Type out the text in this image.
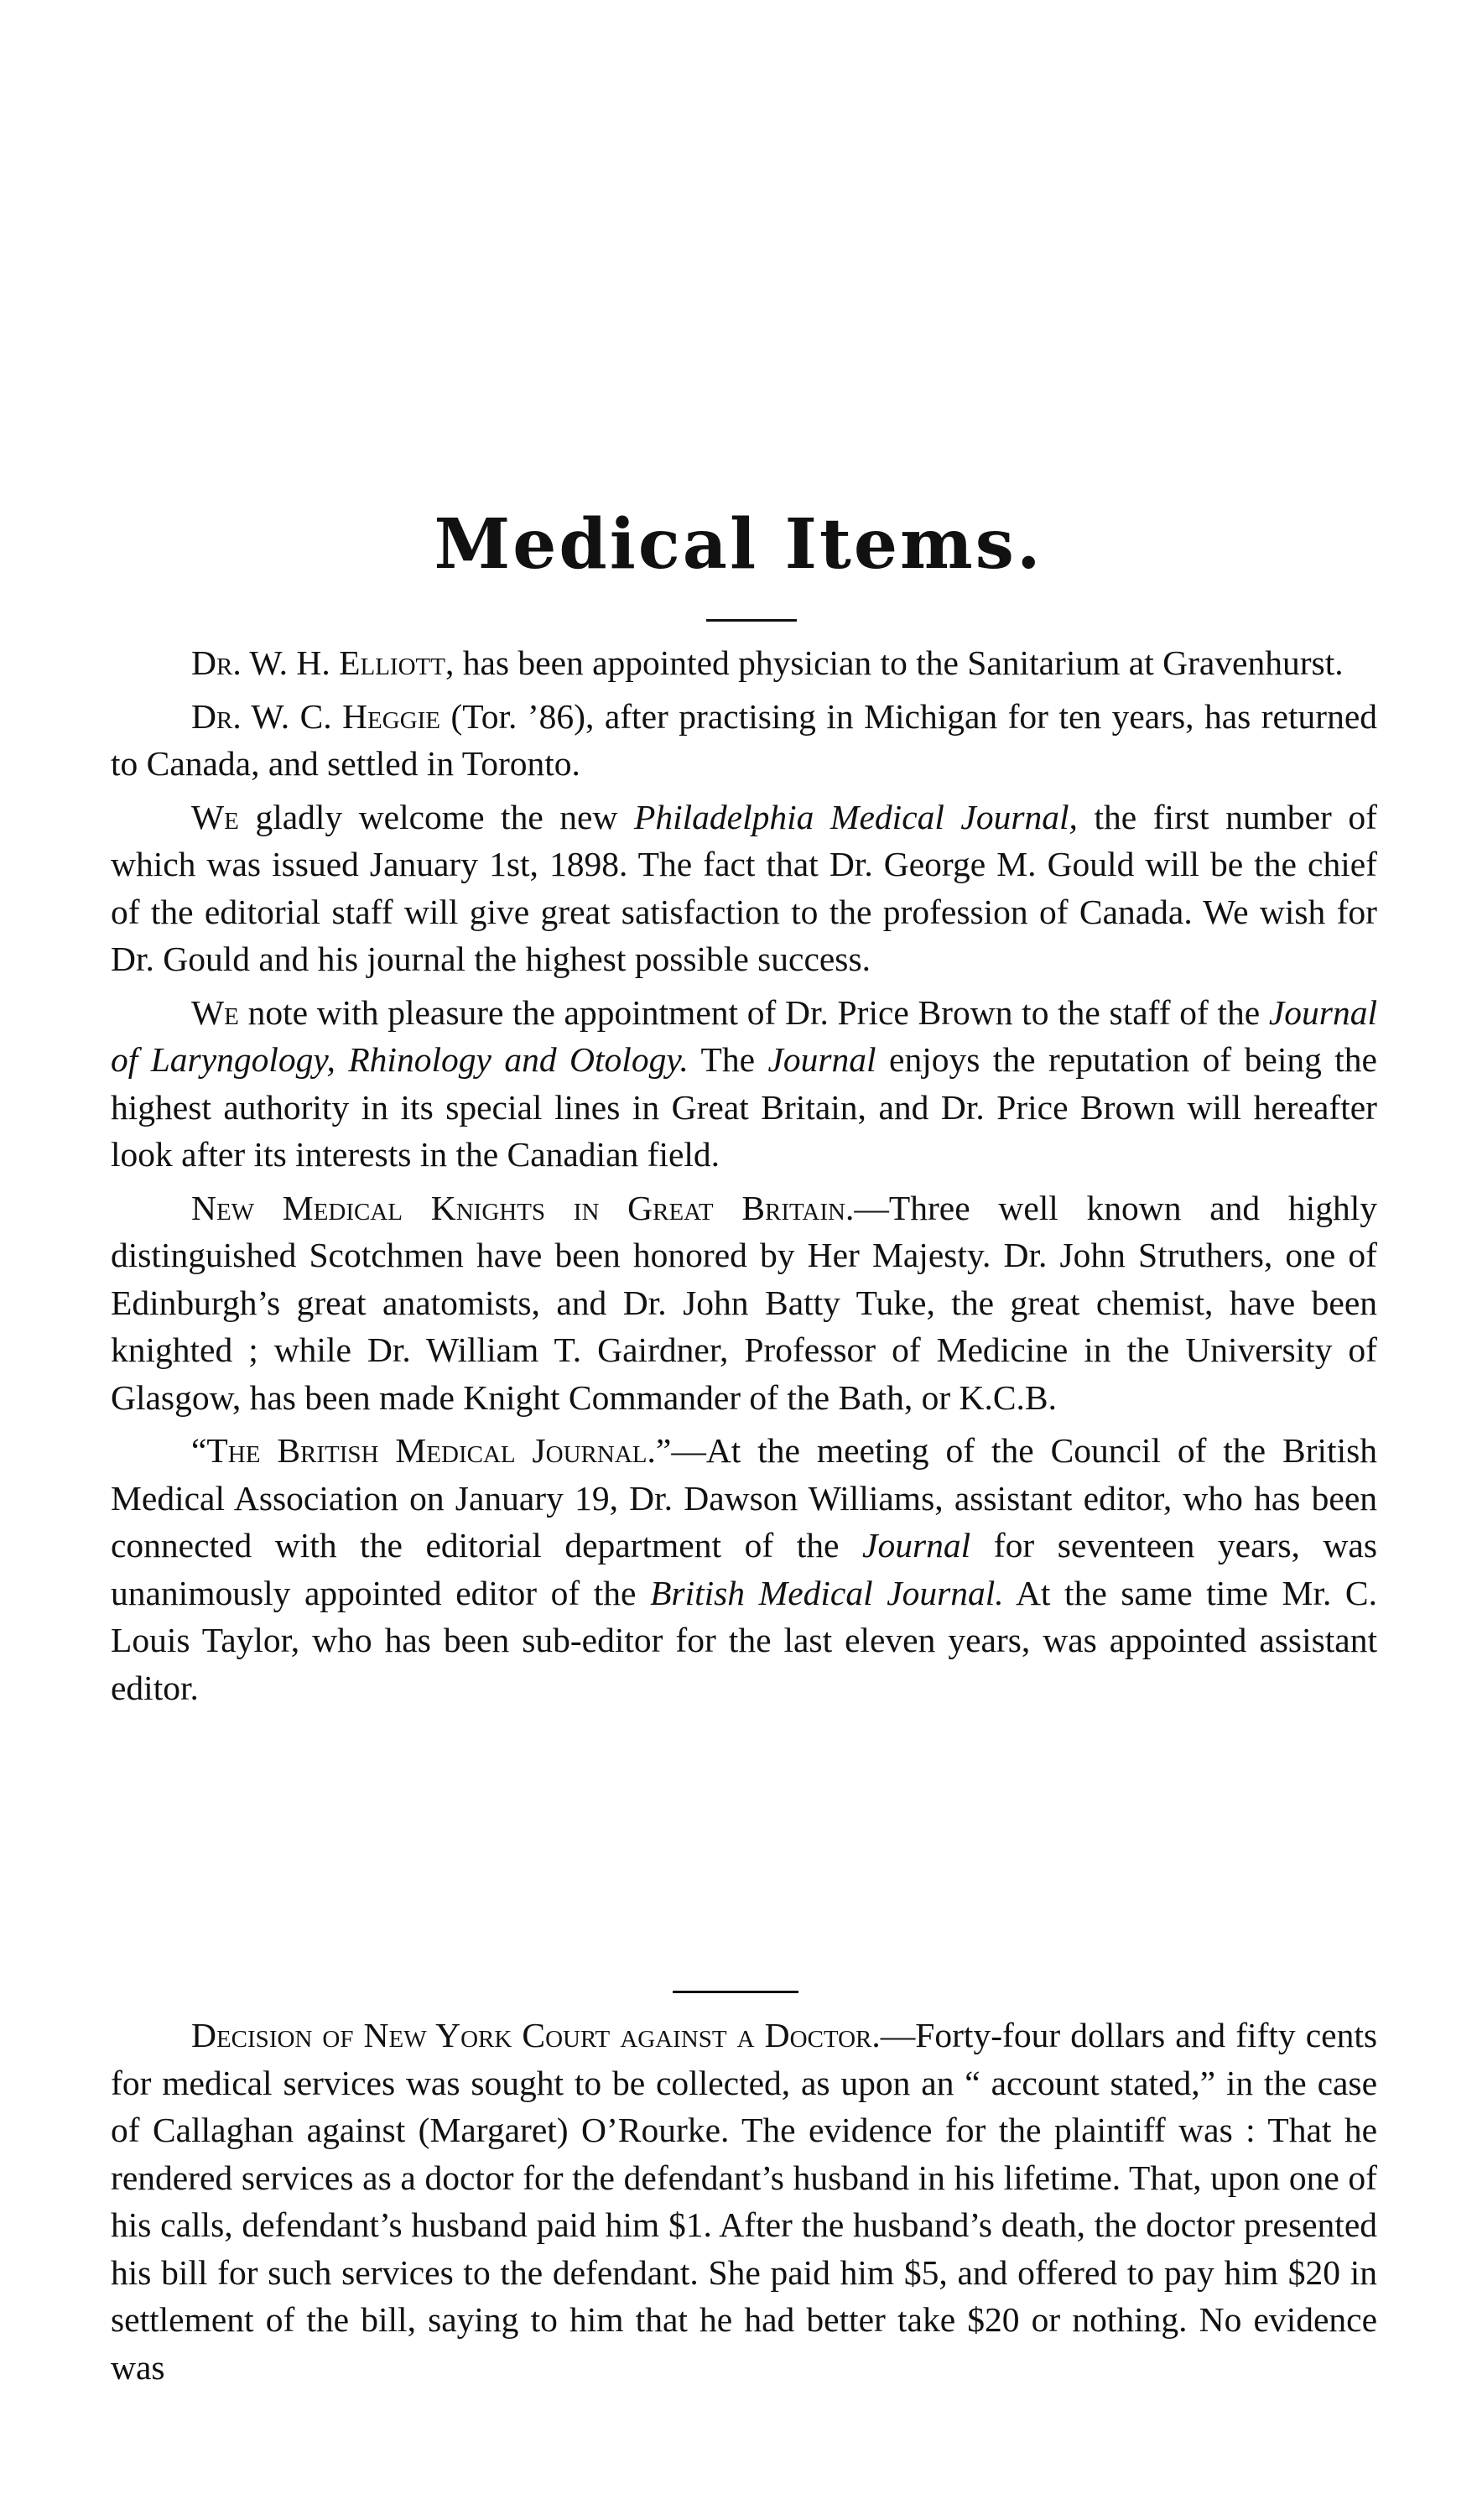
Medical Items.

Dr. W. H. Elliott, has been appointed physician to the Sanitarium at Gravenhurst.

Dr. W. C. Heggie (Tor. ’86), after practising in Michigan for ten years, has returned to Canada, and settled in Toronto.

We gladly welcome the new Philadelphia Medical Journal, the first number of which was issued January 1st, 1898. The fact that Dr. George M. Gould will be the chief of the editorial staff will give great satisfaction to the profession of Canada. We wish for Dr. Gould and his journal the highest possible success.

We note with pleasure the appointment of Dr. Price Brown to the staff of the Journal of Laryngology, Rhinology and Otology. The Journal enjoys the reputation of being the highest authority in its special lines in Great Britain, and Dr. Price Brown will hereafter look after its interests in the Canadian field.

New Medical Knights in Great Britain.—Three well known and highly distinguished Scotchmen have been honored by Her Majesty. Dr. John Struthers, one of Edinburgh’s great anatomists, and Dr. John Batty Tuke, the great chemist, have been knighted ; while Dr. William T. Gairdner, Professor of Medicine in the University of Glasgow, has been made Knight Commander of the Bath, or K.C.B.

“The British Medical Journal.”—At the meeting of the Council of the British Medical Association on January 19, Dr. Dawson Williams, assistant editor, who has been connected with the editorial department of the Journal for seventeen years, was unanimously appointed editor of the British Medical Journal. At the same time Mr. C. Louis Taylor, who has been sub-editor for the last eleven years, was appointed assistant editor.

Decision of New York Court against a Doctor.—Forty-four dollars and fifty cents for medical services was sought to be collected, as upon an “ account stated,” in the case of Callaghan against (Margaret) O’Rourke. The evidence for the plaintiff was : That he rendered services as a doctor for the defendant’s husband in his lifetime. That, upon one of his calls, defendant’s husband paid him $1. After the husband’s death, the doctor presented his bill for such services to the defendant. She paid him $5, and offered to pay him $20 in settlement of the bill, saying to him that he had better take $20 or nothing. No evidence was
